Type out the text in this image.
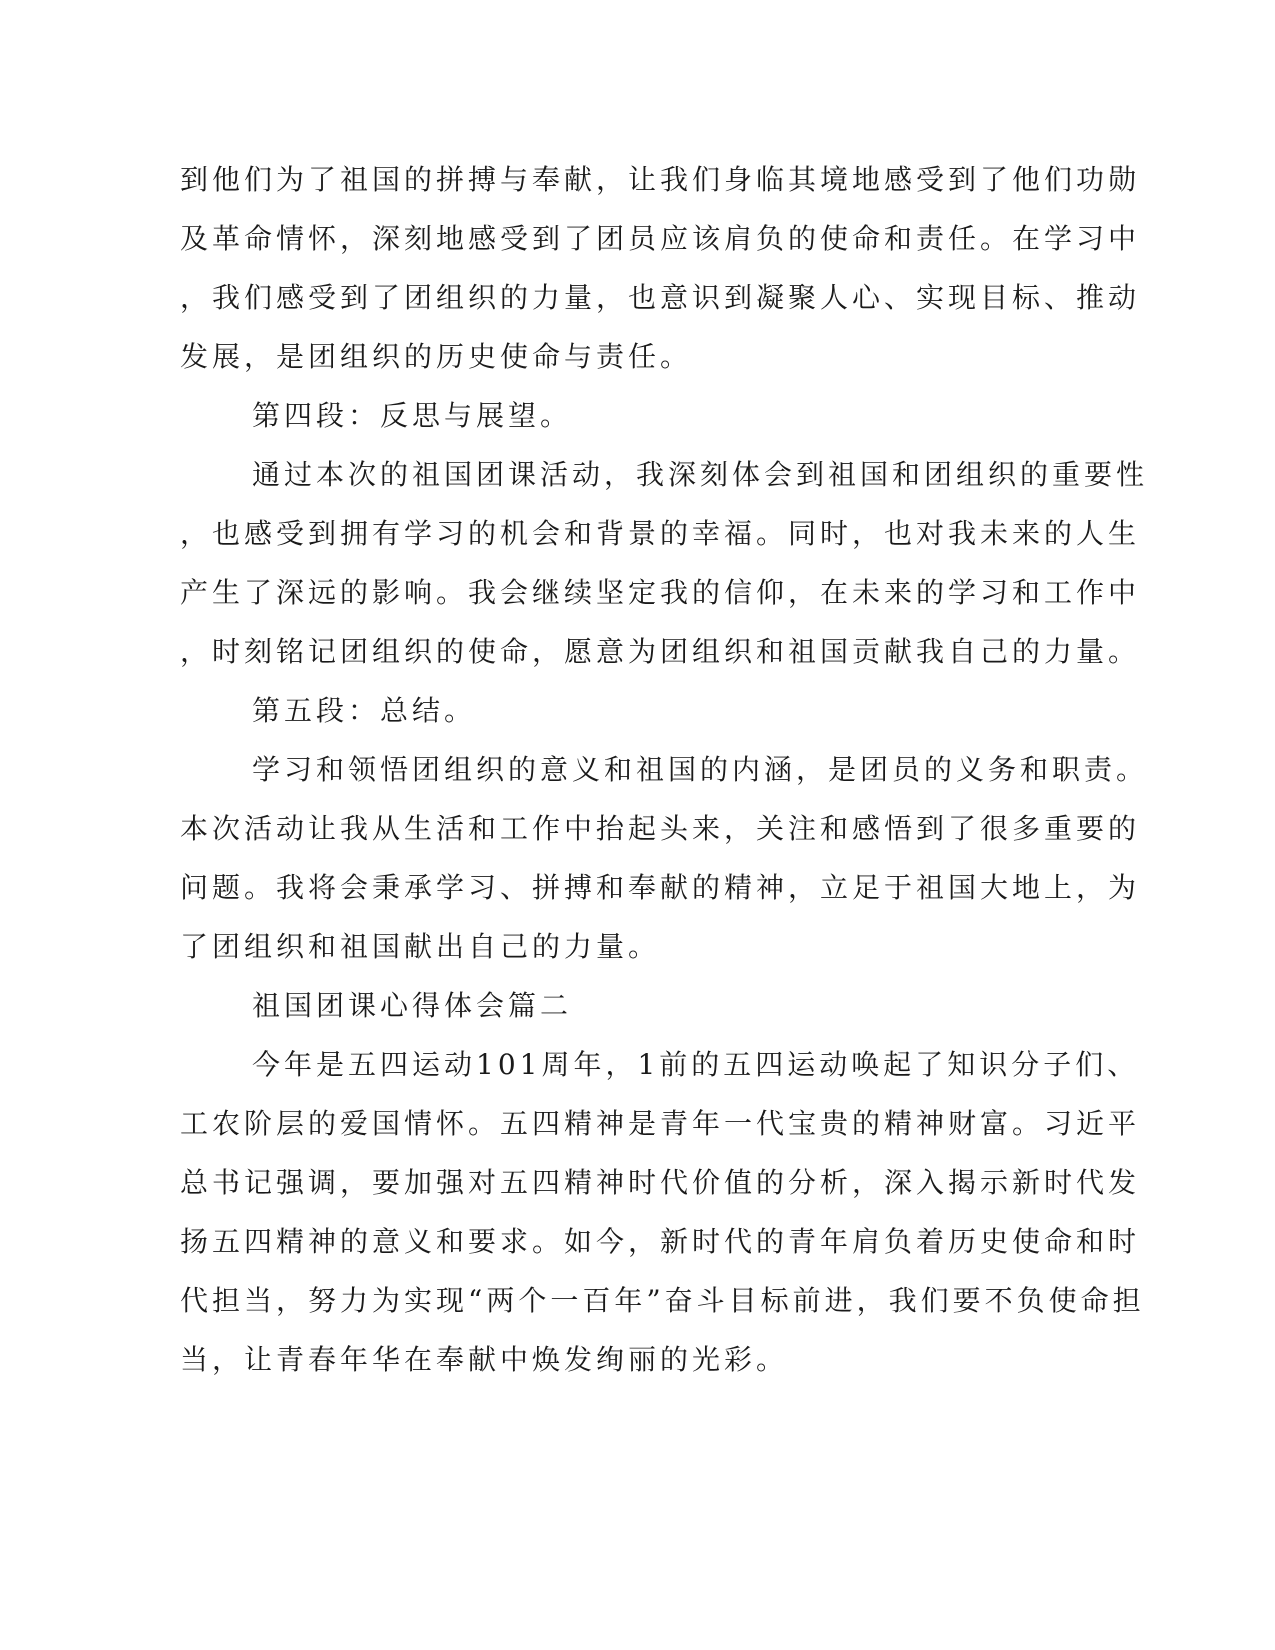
到他们为了祖国的拼搏与奉献，让我们身临其境地感受到了他们功勋
及革命情怀，深刻地感受到了团员应该肩负的使命和责任。在学习中
，我们感受到了团组织的力量，也意识到凝聚人心、实现目标、推动
发展，是团组织的历史使命与责任。
第四段：反思与展望。
通过本次的祖国团课活动，我深刻体会到祖国和团组织的重要性
，也感受到拥有学习的机会和背景的幸福。同时，也对我未来的人生
产生了深远的影响。我会继续坚定我的信仰，在未来的学习和工作中
，时刻铭记团组织的使命，愿意为团组织和祖国贡献我自己的力量。
第五段：总结。
学习和领悟团组织的意义和祖国的内涵，是团员的义务和职责。
本次活动让我从生活和工作中抬起头来，关注和感悟到了很多重要的
问题。我将会秉承学习、拼搏和奉献的精神，立足于祖国大地上，为
了团组织和祖国献出自己的力量。
祖国团课心得体会篇二
今年是五四运动101周年，1前的五四运动唤起了知识分子们、
工农阶层的爱国情怀。五四精神是青年一代宝贵的精神财富。习近平
总书记强调，要加强对五四精神时代价值的分析，深入揭示新时代发
扬五四精神的意义和要求。如今，新时代的青年肩负着历史使命和时
代担当，努力为实现“两个一百年”奋斗目标前进，我们要不负使命担
当，让青春年华在奉献中焕发绚丽的光彩。
